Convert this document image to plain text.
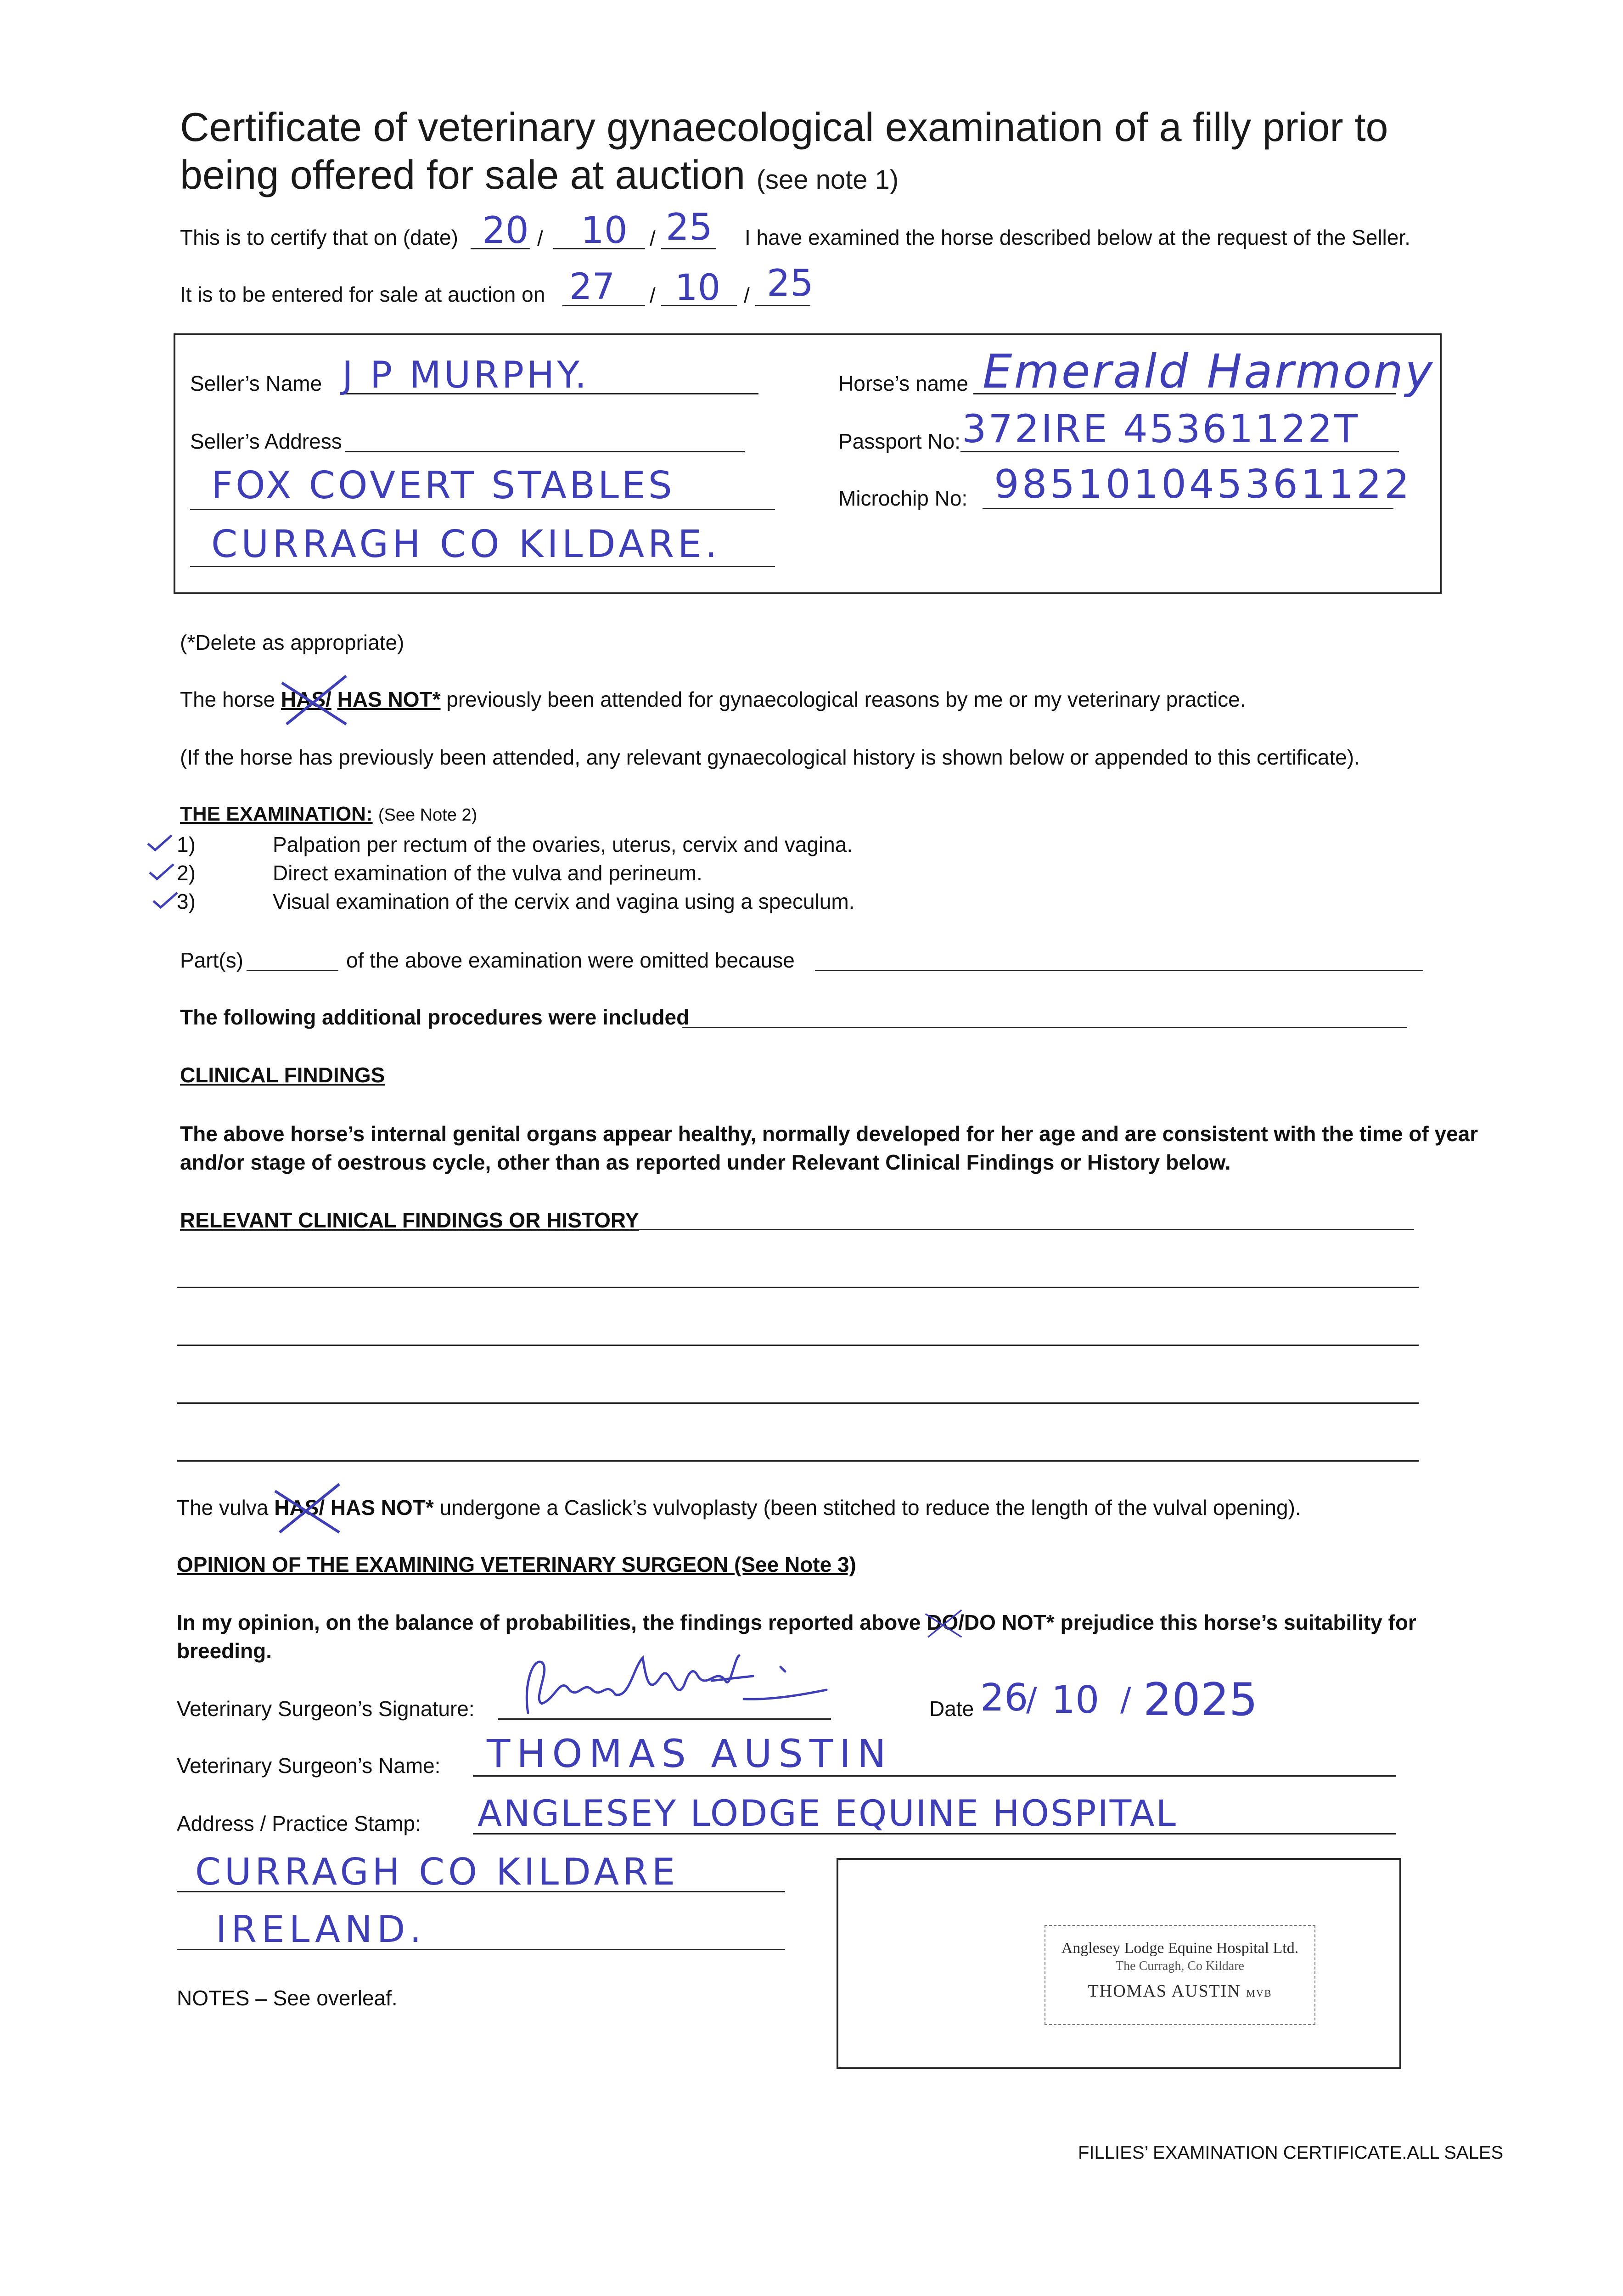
Certificate of veterinary gynaecological examination of a filly prior to
being offered for sale at auction (see note 1)
This is to certify that on (date) 20 / 10 / 25 I have examined the horse described below at the request of the Seller.
It is to be entered for sale at auction on 27 / 10 / 25
Seller’s Name J P MURPHY.
Seller’s Address
FOX COVERT STABLES
CURRAGH CO KILDARE.
Horse’s name Emerald Harmony
Passport No: 372IRE 45361122T
Microchip No: 985101045361122
(*Delete as appropriate)
The horse HAS
/ HAS NOT* previously been attended for gynaecological reasons by me or my veterinary practice.
(If the horse has previously been attended, any relevant gynaecological history is shown below or appended to this certificate).
THE EXAMINATION: (See Note 2)
1)	Palpation per rectum of the ovaries, uterus, cervix and vagina.
2)	Direct examination of the vulva and perineum.
3)	Visual examination of the cervix and vagina using a speculum.
Part(s)	of the above examination were omitted because
The following additional procedures were included
CLINICAL FINDINGS
The above horse’s internal genital organs appear healthy, normally developed for her age and are consistent with the time of year
and/or stage of oestrous cycle, other than as reported under Relevant Clinical Findings or History below.
RELEVANT CLINICAL FINDINGS OR HISTORY
The vulva HAS
/ HAS NOT* undergone a Caslick’s vulvoplasty (been stitched to reduce the length of the vulval opening).
OPINION OF THE EXAMINING VETERINARY SURGEON (See Note 3)
In my opinion, on the balance of probabilities, the findings reported above DO
/DO NOT* prejudice this horse’s suitability for
breeding.
Veterinary Surgeon’s Signature:	Date 26
/ 10 / 2025
Veterinary Surgeon’s Name: THOMAS AUSTIN
Address / Practice Stamp: ANGLESEY LODGE EQUINE HOSPITAL
CURRAGH CO KILDARE
IRELAND.	Anglesey Lodge Equine Hospital Ltd.
The Curragh, Co Kildare
THOMAS AUSTIN MVB
NOTES – See overleaf.
FILLIES’ EXAMINATION CERTIFICATE.ALL SALES
